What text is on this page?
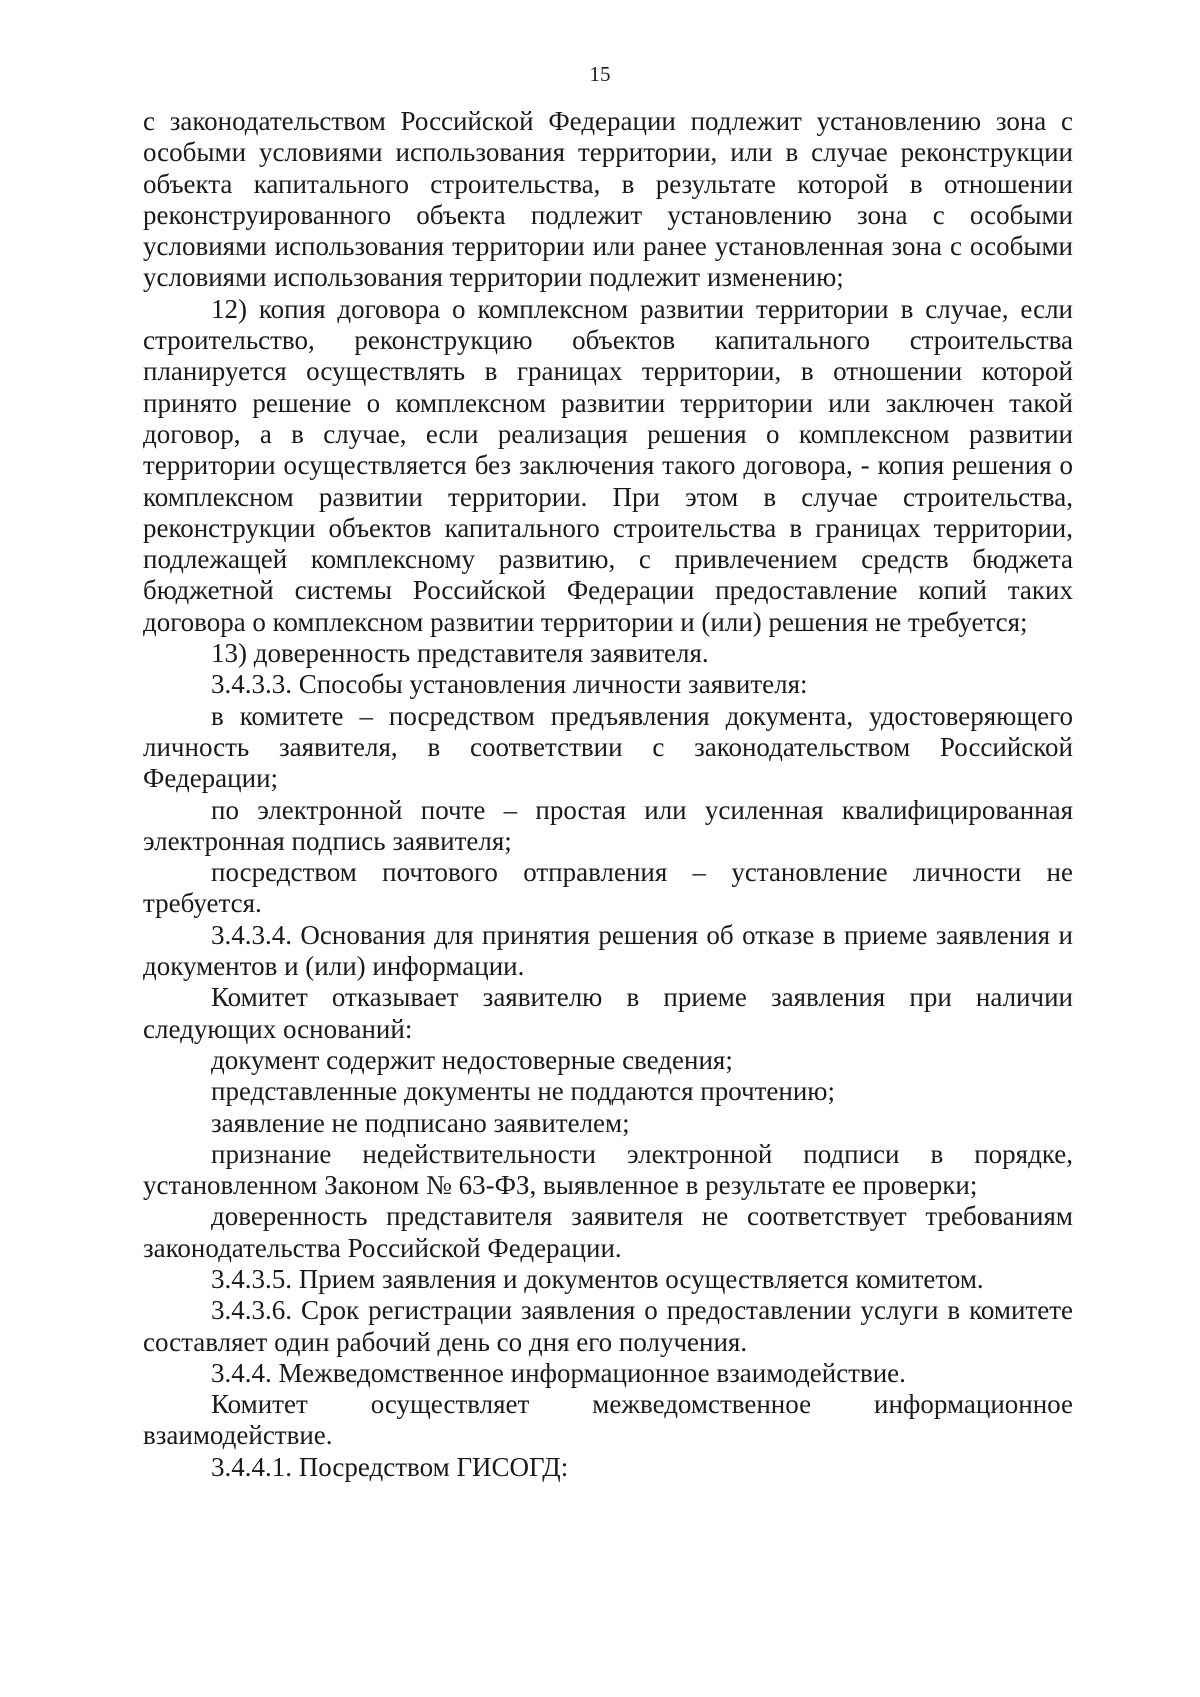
15

с законодательством Российской Федерации подлежит установлению зона с особыми условиями использования территории, или в случае реконструкции объекта капитального строительства, в результате которой в отношении реконструированного объекта подлежит установлению зона с особыми условиями использования территории или ранее установленная зона с особыми условиями использования территории подлежит изменению;

12) копия договора о комплексном развитии территории в случае, если строительство, реконструкцию объектов капитального строительства планируется осуществлять в границах территории, в отношении которой принято решение о комплексном развитии территории или заключен такой договор, а в случае, если реализация решения о комплексном развитии территории осуществляется без заключения такого договора, - копия решения о комплексном развитии территории. При этом в случае строительства, реконструкции объектов капитального строительства в границах территории, подлежащей комплексному развитию, с привлечением средств бюджета бюджетной системы Российской Федерации предоставление копий таких договора о комплексном развитии территории и (или) решения не требуется;

13) доверенность представителя заявителя.

3.4.3.3. Способы установления личности заявителя:

в комитете – посредством предъявления документа, удостоверяющего личность заявителя, в соответствии с законодательством Российской Федерации;

по электронной почте – простая или усиленная квалифицированная электронная подпись заявителя;

посредством почтового отправления – установление личности не требуется.

3.4.3.4. Основания для принятия решения об отказе в приеме заявления и документов и (или) информации.

Комитет отказывает заявителю в приеме заявления при наличии следующих оснований:

документ содержит недостоверные сведения;

представленные документы не поддаются прочтению;

заявление не подписано заявителем;

признание недействительности электронной подписи в порядке, установленном Законом № 63-ФЗ, выявленное в результате ее проверки;

доверенность представителя заявителя не соответствует требованиям законодательства Российской Федерации.

3.4.3.5. Прием заявления и документов осуществляется комитетом.

3.4.3.6. Срок регистрации заявления о предоставлении услуги в комитете составляет один рабочий день со дня его получения.

3.4.4. Межведомственное информационное взаимодействие.

Комитет осуществляет межведомственное информационное взаимодействие.

3.4.4.1. Посредством ГИСОГД:
